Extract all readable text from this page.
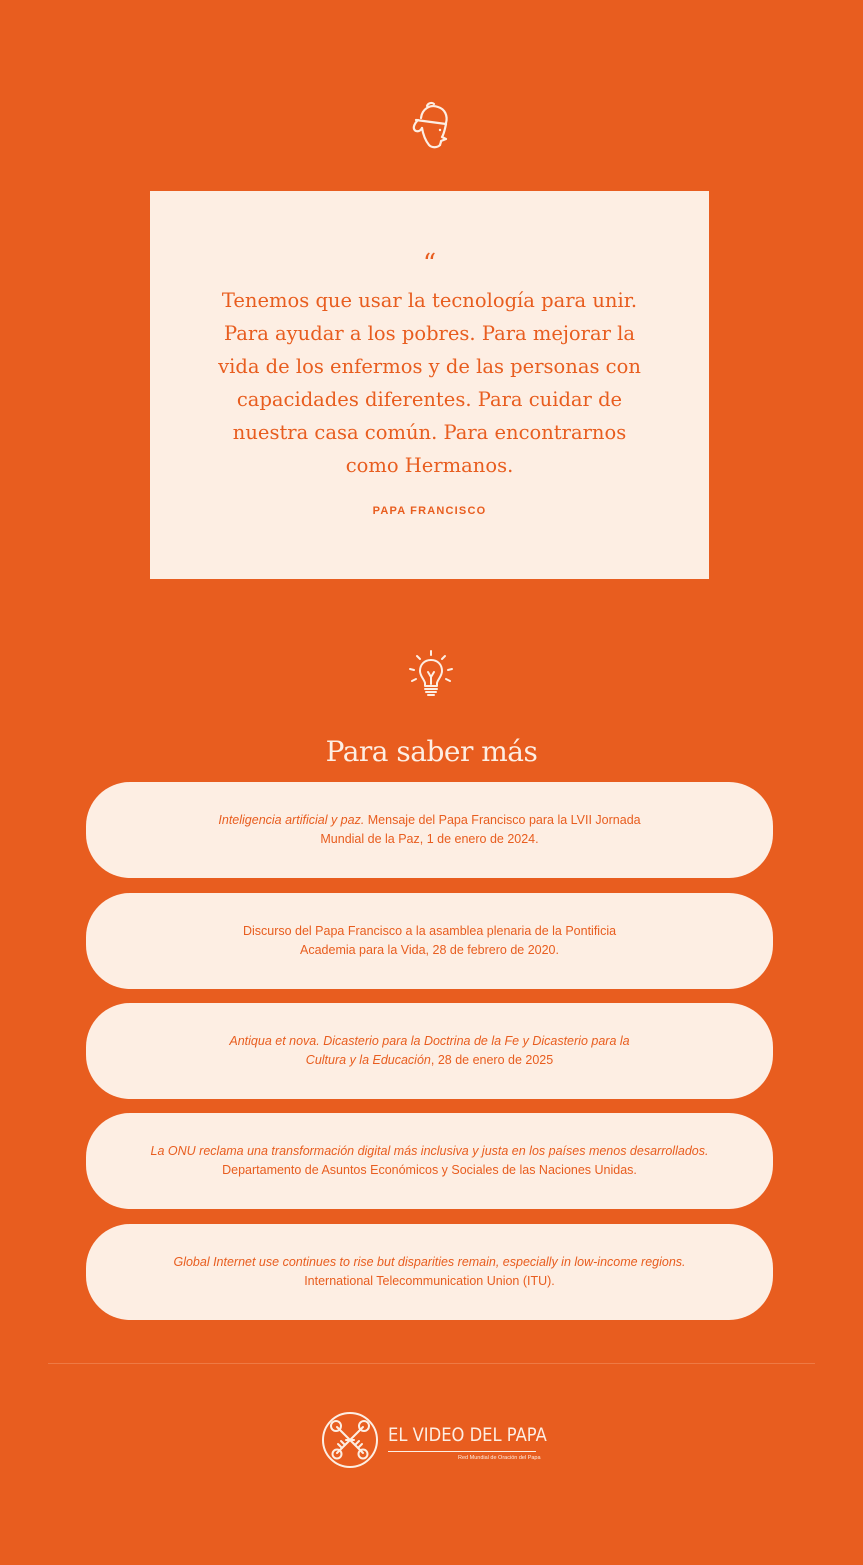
“
Tenemos que usar la tecnología para unir.
Para ayudar a los pobres. Para mejorar la
vida de los enfermos y de las personas con
capacidades diferentes. Para cuidar de
nuestra casa común. Para encontrarnos
como Hermanos.
PAPA FRANCISCO
Para saber más
Inteligencia artificial y paz. Mensaje del Papa Francisco para la LVII Jornada
Mundial de la Paz, 1 de enero de 2024.
Discurso del Papa Francisco a la asamblea plenaria de la Pontificia
Academia para la Vida, 28 de febrero de 2020.
Antiqua et nova. Dicasterio para la Doctrina de la Fe y Dicasterio para la
Cultura y la Educación, 28 de enero de 2025
La ONU reclama una transformación digital más inclusiva y justa en los países menos desarrollados.
Departamento de Asuntos Económicos y Sociales de las Naciones Unidas.
Global Internet use continues to rise but disparities remain, especially in low-income regions.
International Telecommunication Union (ITU).
EL VIDEO DEL PAPA
Red Mundial de Oración del Papa
